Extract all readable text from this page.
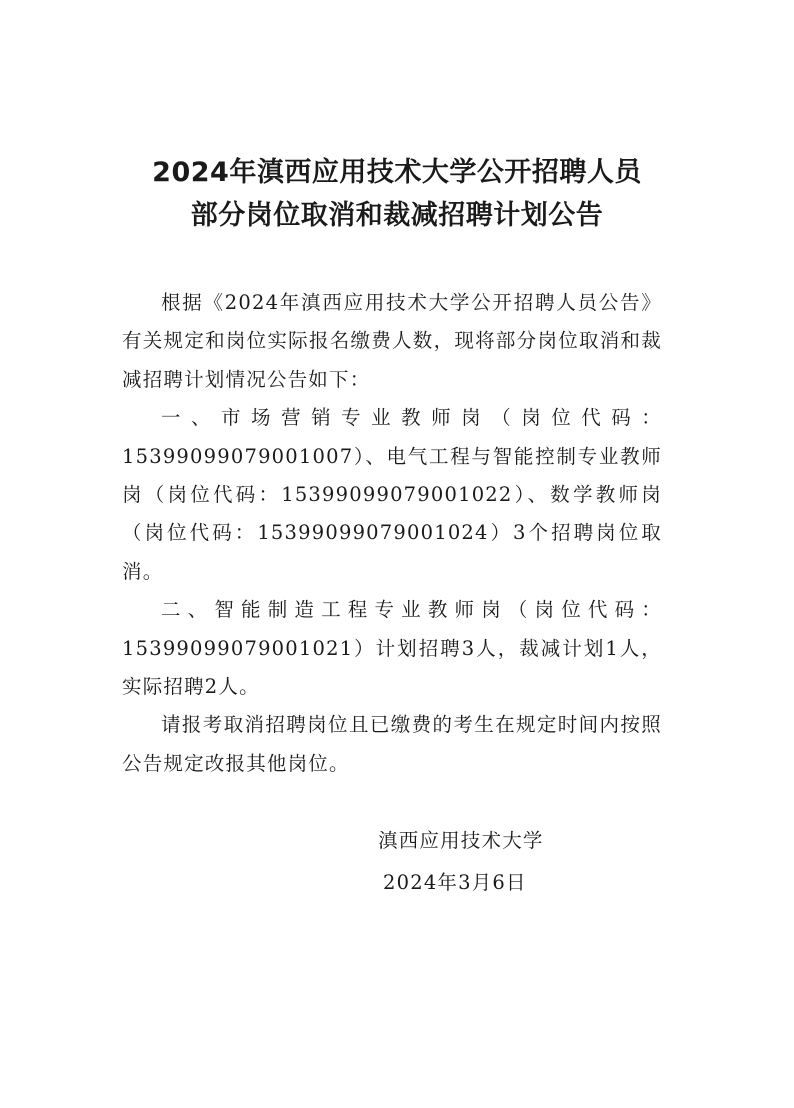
2024年滇西应用技术大学公开招聘人员
部分岗位取消和裁减招聘计划公告

根据《2024年滇西应用技术大学公开招聘人员公告》有关规定和岗位实际报名缴费人数，现将部分岗位取消和裁减招聘计划情况公告如下：

一、市场营销专业教师岗（岗位代码：15399099079001007）、电气工程与智能控制专业教师岗（岗位代码：15399099079001022）、数学教师岗（岗位代码：15399099079001024）3个招聘岗位取消。

二、智能制造工程专业教师岗（岗位代码：15399099079001021）计划招聘3人，裁减计划1人，实际招聘2人。

请报考取消招聘岗位且已缴费的考生在规定时间内按照公告规定改报其他岗位。

滇西应用技术大学
2024年3月6日
